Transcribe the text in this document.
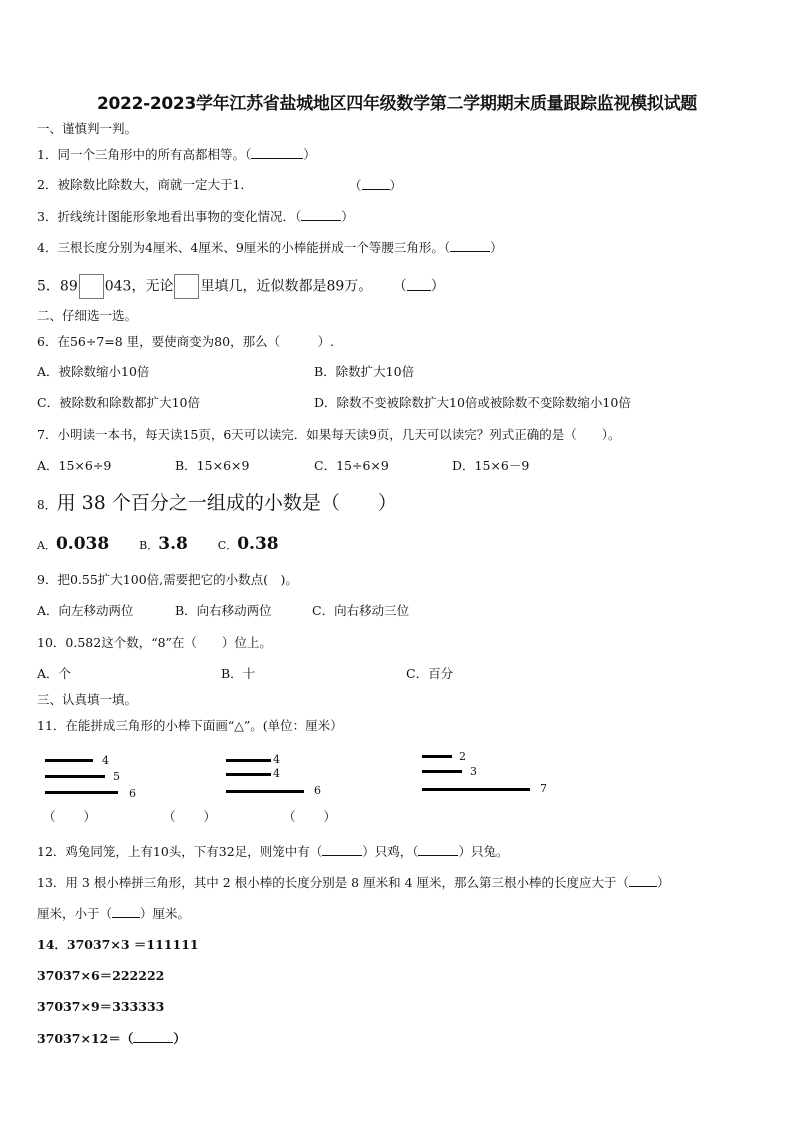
2022-2023学年江苏省盐城地区四年级数学第二学期期末质量跟踪监视模拟试题
一、谨慎判一判。
1．同一个三角形中的所有高都相等。（	）
2．被除数比除数大，商就一定大于1．	（ ）
3．折线统计图能形象地看出事物的变化情况．（	）
4．三根长度分别为4厘米、4厘米、9厘米的小棒能拼成一个等腰三角形。（	）
5．89 043，无论 里填几，近似数都是89万。 （ ）
二、仔细选一选。
6．在56÷7=8 里，要使商变为80，那么（　　　）.
A．被除数缩小10倍	B．除数扩大10倍
C．被除数和除数都扩大10倍	D．除数不变被除数扩大10倍或被除数不变除数缩小10倍
7．小明读一本书，每天读15页，6天可以读完．如果每天读9页，几天可以读完？列式正确的是（　　）。
A．15×6÷9	B．15×6×9	C．15÷6×9	D．15×6－9
8．用 38 个百分之一组成的小数是（　　）
A．0.038	B．3.8	C．0.38
9．把0.55扩大100倍,需要把它的小数点(　)。
A．向左移动两位	B．向右移动两位	C．向右移动三位
10．0.582这个数，“8”在（　　）位上。
A．个	B．十	C．百分
三、认真填一填。
11．在能拼成三角形的小棒下面画“△”。(单位：厘米）
4
5
6
4
4
6
2
3
7
（ ）	（ ）	（ ）
12．鸡兔同笼，上有10头，下有32足，则笼中有（	）只鸡，（	）只兔。
13．用 3 根小棒拼三角形，其中 2 根小棒的长度分别是 8 厘米和 4 厘米，那么第三根小棒的长度应大于（ ）
厘米，小于（ ）厘米。
14．37037×3 ＝111111
37037×6＝222222
37037×9＝333333
37037×12＝（	）
